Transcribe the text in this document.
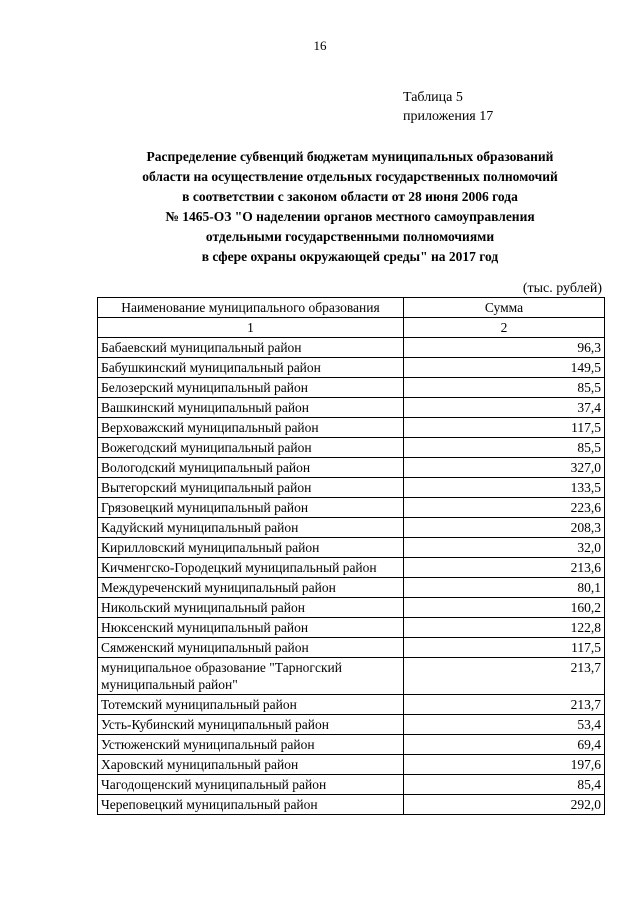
16
Таблица 5
приложения 17
Распределение субвенций бюджетам муниципальных образований
области на осуществление отдельных государственных полномочий
в соответствии с законом области от 28 июня 2006 года
№ 1465-ОЗ "О наделении органов местного самоуправления
отдельными государственными полномочиями
в сфере охраны окружающей среды" на 2017 год
(тыс. рублей)
Наименование муниципального образования	Сумма
1	2
Бабаевский муниципальный район	96,3
Бабушкинский муниципальный район	149,5
Белозерский муниципальный район	85,5
Вашкинский муниципальный район	37,4
Верховажский муниципальный район	117,5
Вожегодский муниципальный район	85,5
Вологодский муниципальный район	327,0
Вытегорский муниципальный район	133,5
Грязовецкий муниципальный район	223,6
Кадуйский муниципальный район	208,3
Кирилловский муниципальный район	32,0
Кичменгско-Городецкий муниципальный район	213,6
Междуреченский муниципальный район	80,1
Никольский муниципальный район	160,2
Нюксенский муниципальный район	122,8
Сямженский муниципальный район	117,5
муниципальное образование "Тарногский муниципальный район"	213,7
Тотемский муниципальный район	213,7
Усть-Кубинский муниципальный район	53,4
Устюженский муниципальный район	69,4
Харовский муниципальный район	197,6
Чагодощенский муниципальный район	85,4
Череповецкий муниципальный район	292,0
